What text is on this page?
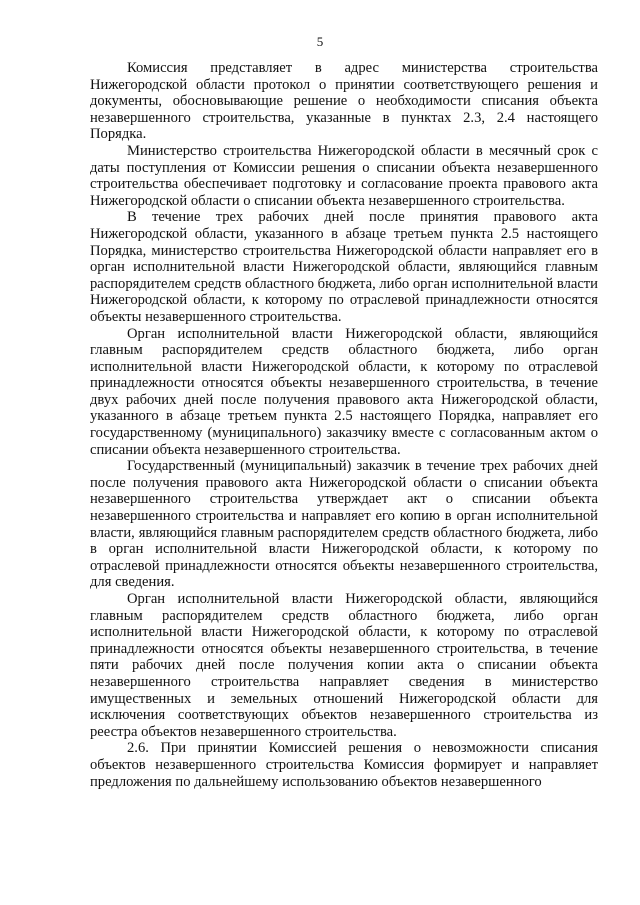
5

Комиссия представляет в адрес министерства строительства Нижегородской области протокол о принятии соответствующего решения и документы, обосновывающие решение о необходимости списания объекта незавершенного строительства, указанные в пунктах 2.3, 2.4 настоящего Порядка.

Министерство строительства Нижегородской области в месячный срок с даты поступления от Комиссии решения о списании объекта незавершенного строительства обеспечивает подготовку и согласование проекта правового акта Нижегородской области о списании объекта незавершенного строительства.

В течение трех рабочих дней после принятия правового акта Нижегородской области, указанного в абзаце третьем пункта 2.5 настоящего Порядка, министерство строительства Нижегородской области направляет его в орган исполнительной власти Нижегородской области, являющийся главным распорядителем средств областного бюджета, либо орган исполнительной власти Нижегородской области, к которому по отраслевой принадлежности относятся объекты незавершенного строительства.

Орган исполнительной власти Нижегородской области, являющийся главным распорядителем средств областного бюджета, либо орган исполнительной власти Нижегородской области, к которому по отраслевой принадлежности относятся объекты незавершенного строительства, в течение двух рабочих дней после получения правового акта Нижегородской области, указанного в абзаце третьем пункта 2.5 настоящего Порядка, направляет его государственному (муниципального) заказчику вместе с согласованным актом о списании объекта незавершенного строительства.

Государственный (муниципальный) заказчик в течение трех рабочих дней после получения правового акта Нижегородской области о списании объекта незавершенного строительства утверждает акт о списании объекта незавершенного строительства и направляет его копию в орган исполнительной власти, являющийся главным распорядителем средств областного бюджета, либо в орган исполнительной власти Нижегородской области, к которому по отраслевой принадлежности относятся объекты незавершенного строительства, для сведения.

Орган исполнительной власти Нижегородской области, являющийся главным распорядителем средств областного бюджета, либо орган исполнительной власти Нижегородской области, к которому по отраслевой принадлежности относятся объекты незавершенного строительства, в течение пяти рабочих дней после получения копии акта о списании объекта незавершенного строительства направляет сведения в министерство имущественных и земельных отношений Нижегородской области для исключения соответствующих объектов незавершенного строительства из реестра объектов незавершенного строительства.

2.6. При принятии Комиссией решения о невозможности списания объектов незавершенного строительства Комиссия формирует и направляет предложения по дальнейшему использованию объектов незавершенного
